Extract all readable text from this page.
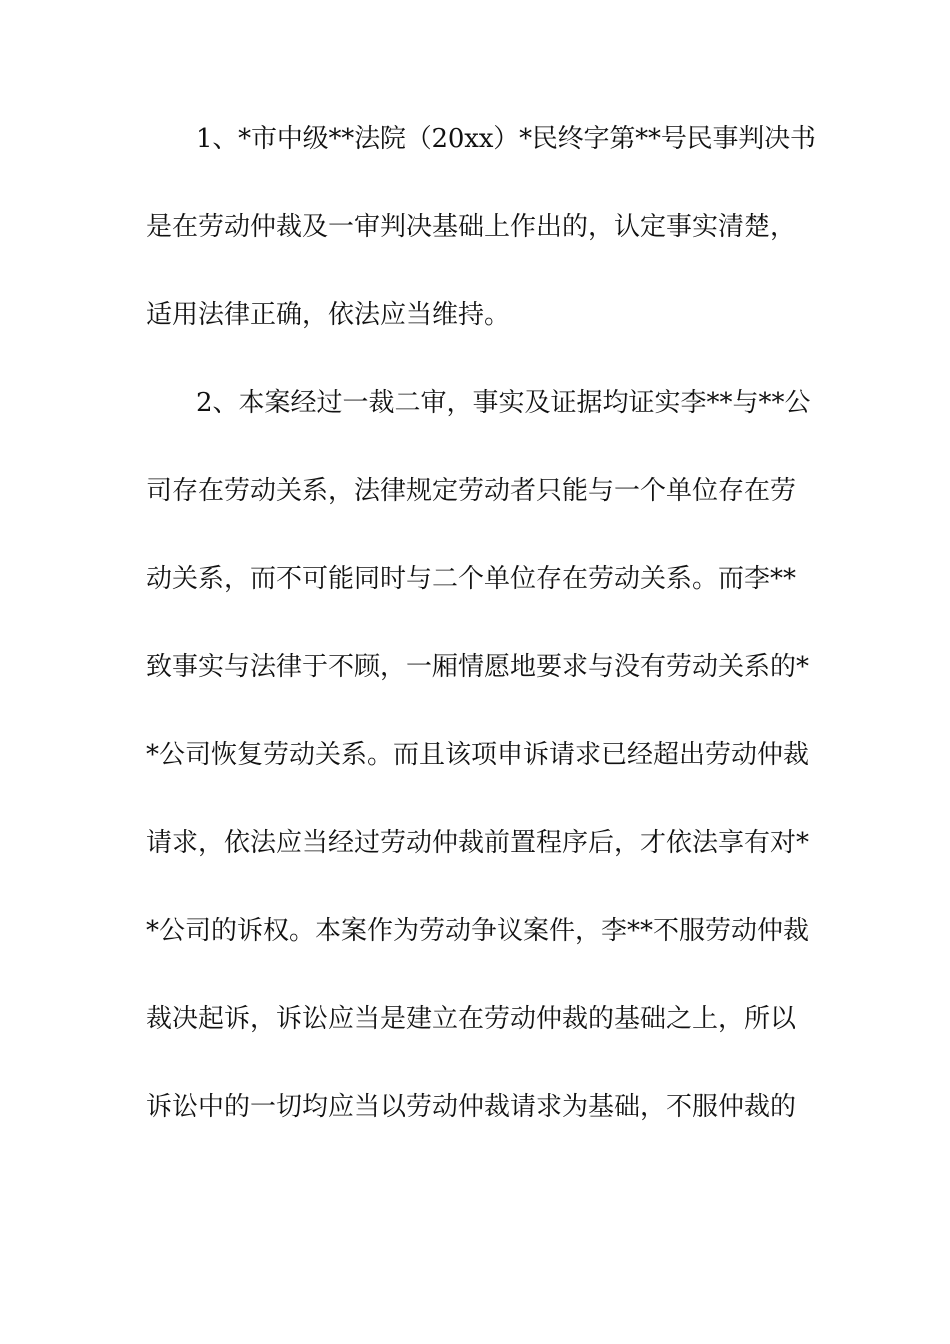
1、*市中级**法院（20xx）*民终字第**号民事判决书
是在劳动仲裁及一审判决基础上作出的，认定事实清楚，
适用法律正确，依法应当维持。
2、本案经过一裁二审，事实及证据均证实李**与**公
司存在劳动关系，法律规定劳动者只能与一个单位存在劳
动关系，而不可能同时与二个单位存在劳动关系。而李**
致事实与法律于不顾，一厢情愿地要求与没有劳动关系的*
*公司恢复劳动关系。而且该项申诉请求已经超出劳动仲裁
请求，依法应当经过劳动仲裁前置程序后，才依法享有对*
*公司的诉权。本案作为劳动争议案件，李**不服劳动仲裁
裁决起诉，诉讼应当是建立在劳动仲裁的基础之上，所以
诉讼中的一切均应当以劳动仲裁请求为基础，不服仲裁的
